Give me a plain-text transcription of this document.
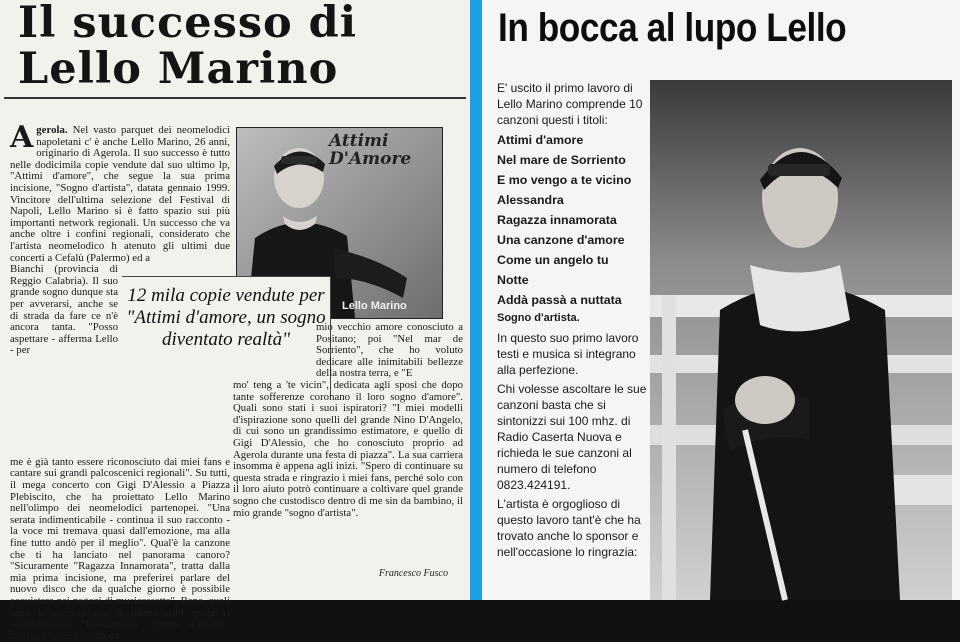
Il successo di
Lello Marino
Agerola. Nel vasto parquet dei neomelodici napoletani c' è anche Lello Marino, 26 anni, originario di Agerola. Il suo successo è tutto nelle dodicimila copie vendute dal suo ultimo lp, "Attimi d'amore", che segue la sua prima incisione, "Sogno d'artista", datata gennaio 1999. Vincitore dell'ultima selezione del Festival di Napoli, Lello Marino si è fatto spazio sui più importanti network regionali. Un successo che va anche oltre i confini regionali, considerato che l'artista neomelodico h atenuto gli ultimi due concerti a Cefalù (Palermo) ed a
Bianchi (provincia di Reggio Calabria). Il suo grande sogno dunque sta per avverarsi, anche se di strada da fare ce n'è ancora tanta. "Posso aspettare - afferma Lello - per
me è già tanto essere riconosciuto dai miei fans e cantare sui grandi palcoscenici regionali". Su tutti, il mega concerto con Gigi D'Alessio a Piazza Plebiscito, che ha proiettato Lello Marino nell'olimpo dei neomelodici partenopei. "Una serata indimenticabile - continua il suo racconto - la voce mi tremava quasi dall'emozione, ma alla fine tutto andò per il meglio". Qual'è la canzone che ti ha lanciato nel panorama canoro? "Sicuramente "Ragazza Innamorata", tratta dalla mia prima incisione, ma preferirei parlare del nuovo disco che da qualche giorno è possibile acquistare nei negozi di musicassette". Bene, quali sono le canzoni che le hanno dato maggiori soddisfazioni? "Innanzitutto "Attimi d'amore", motivo che mi ricorda un
Attimi D'Amore
Lello Marino

12 mila copie vendute per "Attimi d'amore, un sogno diventato realtà"

mio vecchio amore conosciuto a Positano; poi "Nel mar de Sorriento", che ho voluto dedicare alle inimitabili bellezze della nostra terra, e "E
mo' teng a 'te vicin", dedicata agli sposi che dopo tante sofferenze coronano il loro sogno d'amore". Quali sono stati i suoi ispiratori? "I miei modelli d'ispirazione sono quelli del grande Nino D'Angelo, di cui sono un grandissimo estimatore, e quello di Gigi D'Alessio, che ho conosciuto proprio ad Agerola durante una festa di piazza". La sua carriera insomma è appena agli inizi. "Spero di continuare su questa strada e ringrazio i miei fans, perché solo con il loro aiuto potrò continuare a coltivare quel grande sogno che custodisco dentro di me sin da bambino, il mio grande "sogno d'artista".
Francesco Fusco
In bocca al lupo Lello

E' uscito il primo lavoro di Lello Marino comprende 10 canzoni questi i titoli:

Attimi d'amore
Nel mare de Sorriento
E mo vengo a te vicino
Alessandra
Ragazza innamorata
Una canzone d'amore
Come un angelo tu
Notte
Addà passà a nuttata
Sogno d'artista.

In questo suo primo lavoro testi e musica si integrano alla perfezione.

Chi volesse ascoltare le sue canzoni basta che si sintonizzi sui 100 mhz. di Radio Caserta Nuova e richieda le sue canzoni al numero di telefono 0823.424191.

L'artista è orgoglioso di questo lavoro tant'è che ha trovato anche lo sponsor e nell'occasione lo ringrazia:
